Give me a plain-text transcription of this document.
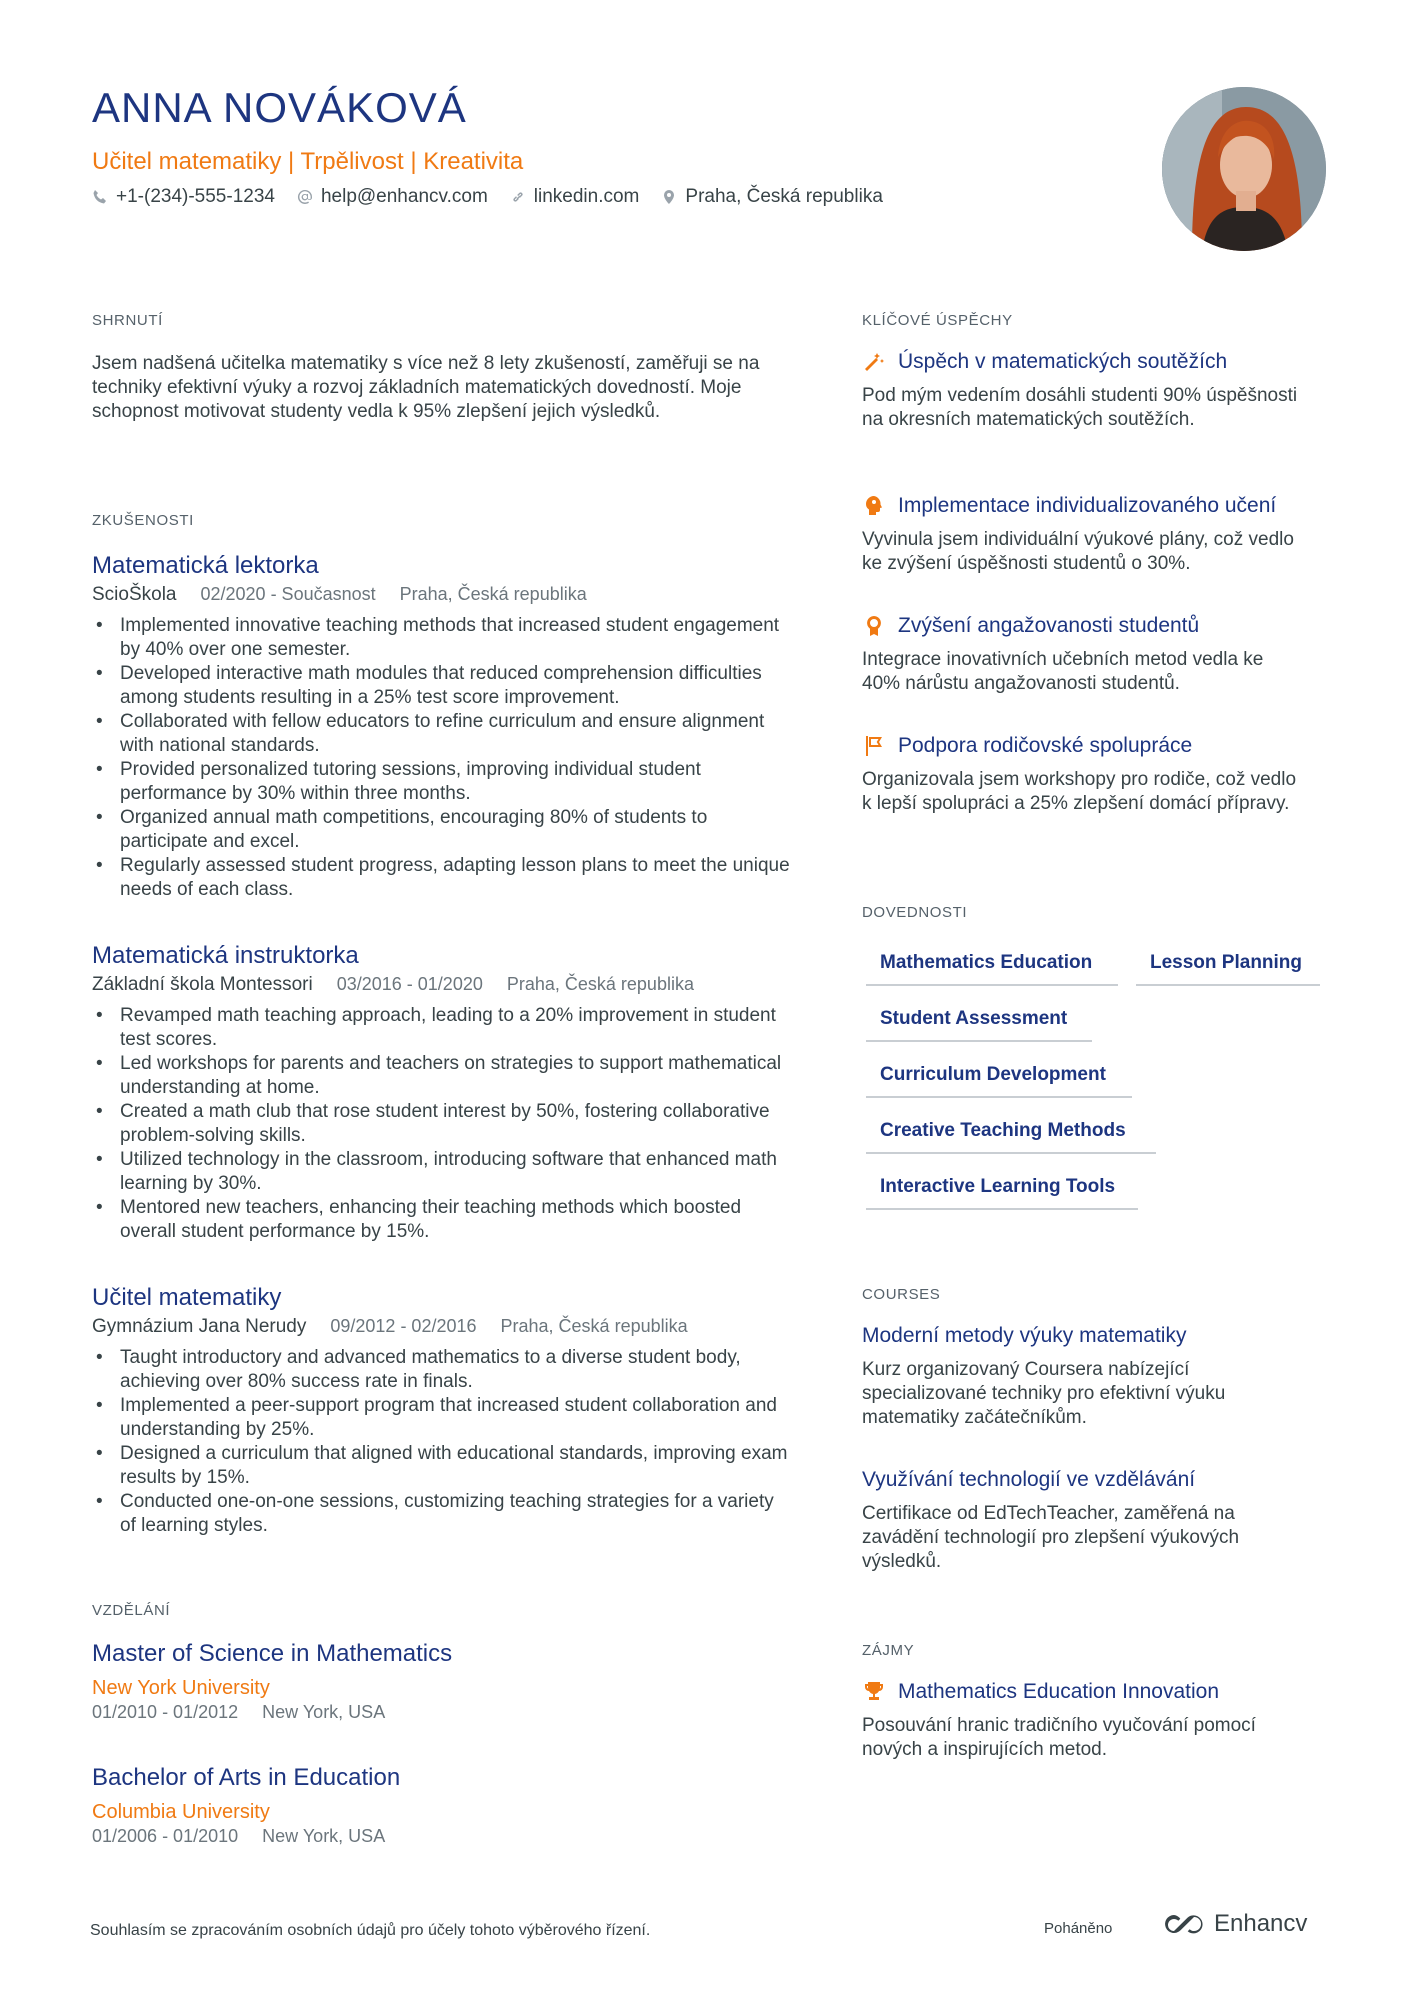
ANNA NOVÁKOVÁ
Učitel matematiky | Trpělivost | Kreativita
+1-(234)-555-1234 help@enhancv.com linkedin.com Praha, Česká republika
SHRNUTÍ
Jsem nadšená učitelka matematiky s více než 8 lety zkušeností, zaměřuji se na techniky efektivní výuky a rozvoj základních matematických dovedností. Moje schopnost motivovat studenty vedla k 95% zlepšení jejich výsledků.
ZKUŠENOSTI
Matematická lektorka
ScioŠkola 02/2020 - Současnost Praha, Česká republika
• Implemented innovative teaching methods that increased student engagement by 40% over one semester.
• Developed interactive math modules that reduced comprehension difficulties among students resulting in a 25% test score improvement.
• Collaborated with fellow educators to refine curriculum and ensure alignment with national standards.
• Provided personalized tutoring sessions, improving individual student performance by 30% within three months.
• Organized annual math competitions, encouraging 80% of students to participate and excel.
• Regularly assessed student progress, adapting lesson plans to meet the unique needs of each class.
Matematická instruktorka
Základní škola Montessori 03/2016 - 01/2020 Praha, Česká republika
• Revamped math teaching approach, leading to a 20% improvement in student test scores.
• Led workshops for parents and teachers on strategies to support mathematical understanding at home.
• Created a math club that rose student interest by 50%, fostering collaborative problem-solving skills.
• Utilized technology in the classroom, introducing software that enhanced math learning by 30%.
• Mentored new teachers, enhancing their teaching methods which boosted overall student performance by 15%.
Učitel matematiky
Gymnázium Jana Nerudy 09/2012 - 02/2016 Praha, Česká republika
• Taught introductory and advanced mathematics to a diverse student body, achieving over 80% success rate in finals.
• Implemented a peer-support program that increased student collaboration and understanding by 25%.
• Designed a curriculum that aligned with educational standards, improving exam results by 15%.
• Conducted one-on-one sessions, customizing teaching strategies for a variety of learning styles.
VZDĚLÁNÍ
Master of Science in Mathematics
New York University
01/2010 - 01/2012 New York, USA
Bachelor of Arts in Education
Columbia University
01/2006 - 01/2010 New York, USA
KLÍČOVÉ ÚSPĚCHY
Úspěch v matematických soutěžích
Pod mým vedením dosáhli studenti 90% úspěšnosti na okresních matematických soutěžích.
Implementace individualizovaného učení
Vyvinula jsem individuální výukové plány, což vedlo ke zvýšení úspěšnosti studentů o 30%.
Zvýšení angažovanosti studentů
Integrace inovativních učebních metod vedla ke 40% nárůstu angažovanosti studentů.
Podpora rodičovské spolupráce
Organizovala jsem workshopy pro rodiče, což vedlo k lepší spolupráci a 25% zlepšení domácí přípravy.
DOVEDNOSTI
Mathematics Education	Lesson Planning
Student Assessment
Curriculum Development
Creative Teaching Methods
Interactive Learning Tools
COURSES
Moderní metody výuky matematiky
Kurz organizovaný Coursera nabízející specializované techniky pro efektivní výuku matematiky začátečníkům.
Využívání technologií ve vzdělávání
Certifikace od EdTechTeacher, zaměřená na zavádění technologií pro zlepšení výukových výsledků.
ZÁJMY
Mathematics Education Innovation
Posouvání hranic tradičního vyučování pomocí nových a inspirujících metod.
Souhlasím se zpracováním osobních údajů pro účely tohoto výběrového řízení.	Poháněno	Enhancv
